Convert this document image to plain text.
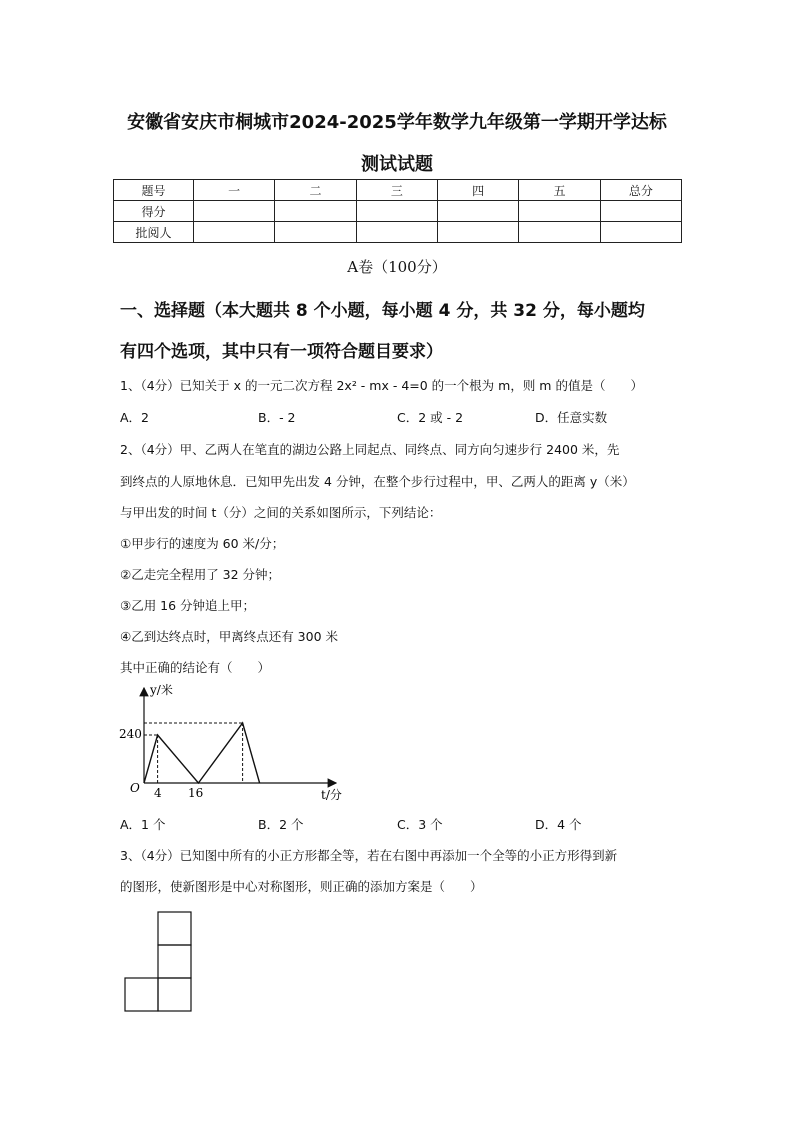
安徽省安庆市桐城市2024-2025学年数学九年级第一学期开学达标
测试试题
题号	一	二	三	四	五	总分
得分						
批阅人						
A卷（100分）
一、选择题（本大题共 8 个小题，每小题 4 分，共 32 分，每小题均
有四个选项，其中只有一项符合题目要求）
1、（4分）已知关于 x 的一元二次方程 2x² - mx - 4=0 的一个根为 m，则 m 的值是（　　）
A．2	B．- 2	C．2 或 - 2	D．任意实数
2、（4分）甲、乙两人在笔直的湖边公路上同起点、同终点、同方向匀速步行 2400 米，先
到终点的人原地休息．已知甲先出发 4 分钟，在整个步行过程中，甲、乙两人的距离 y（米）
与甲出发的时间 t（分）之间的关系如图所示，下列结论：
①甲步行的速度为 60 米/分；
②乙走完全程用了 32 分钟；
③乙用 16 分钟追上甲；
④乙到达终点时，甲离终点还有 300 米
其中正确的结论有（　　）
y/米
t/分
O
240
4 16
A．1 个	B．2 个	C．3 个	D．4 个
3、（4分）已知图中所有的小正方形都全等，若在右图中再添加一个全等的小正方形得到新
的图形，使新图形是中心对称图形，则正确的添加方案是（　　）
